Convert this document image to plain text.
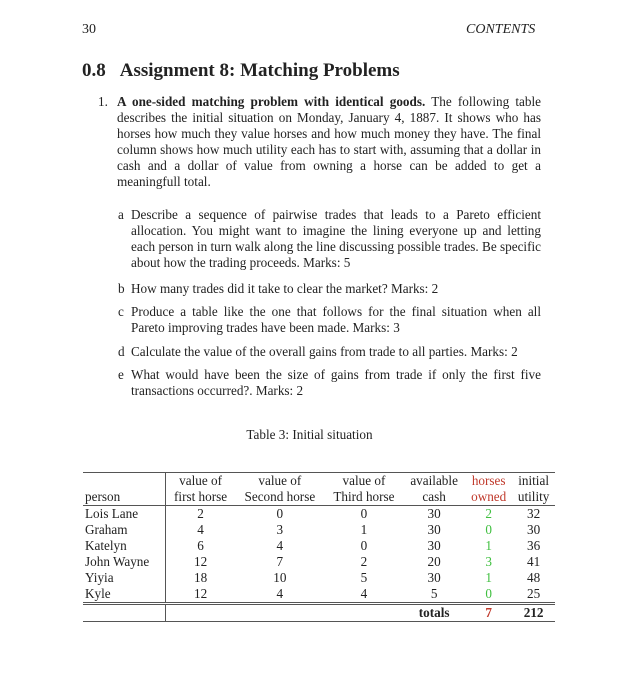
30	CONTENTS
0.8 Assignment 8: Matching Problems
1. A one-sided matching problem with identical goods. The following table describes the initial situation on Monday, January 4, 1887. It shows who has horses how much they value horses and how much money they have. The final column shows how much utility each has to start with, assuming that a dollar in cash and a dollar of value from owning a horse can be added to get a meaningfull total.
a Describe a sequence of pairwise trades that leads to a Pareto efficient allocation. You might want to imagine the lining everyone up and letting each person in turn walk along the line discussing possible trades. Be specific about how the trading proceeds. Marks: 5
b How many trades did it take to clear the market? Marks: 2
c Produce a table like the one that follows for the final situation when all Pareto improving trades have been made. Marks: 3
d Calculate the value of the overall gains from trade to all parties. Marks: 2
e What would have been the size of gains from trade if only the first five transactions occurred?. Marks: 2
Table 3: Initial situation
	value of	value of	value of	available	horses	initial
person	first horse	Second horse	Third horse	cash	owned	utility
Lois Lane	2	0	0	30	2	32
Graham	4	3	1	30	0	30
Katelyn	6	4	0	30	1	36
John Wayne	12	7	2	20	3	41
Yiyia	18	10	5	30	1	48
Kyle	12	4	4	5	0	25
				totals	7	212
